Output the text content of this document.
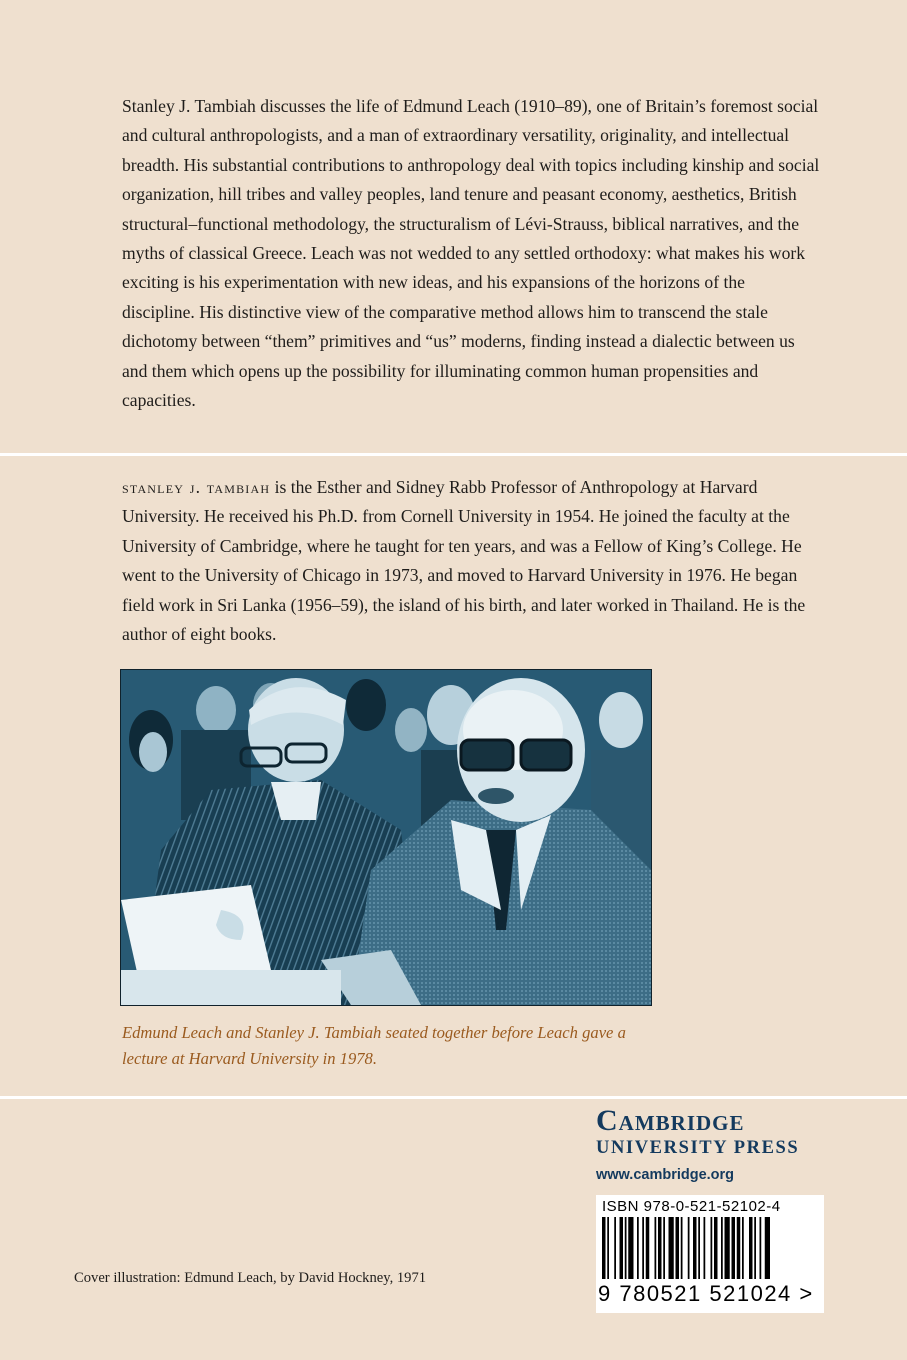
Stanley J. Tambiah discusses the life of Edmund Leach (1910–89), one of Britain’s foremost social and cultural anthropologists, and a man of extraordinary versatility, originality, and intellectual breadth. His substantial contributions to anthropology deal with topics including kinship and social organization, hill tribes and valley peoples, land tenure and peasant economy, aesthetics, British structural–functional methodology, the structuralism of Lévi-Strauss, biblical narratives, and the myths of classical Greece. Leach was not wedded to any settled orthodoxy: what makes his work exciting is his experimentation with new ideas, and his expansions of the horizons of the discipline. His distinctive view of the comparative method allows him to transcend the stale dichotomy between “them” primitives and “us” moderns, finding instead a dialectic between us and them which opens up the possibility for illuminating common human propensities and capacities.

stanley j. tambiah is the Esther and Sidney Rabb Professor of Anthropology at Harvard University. He received his Ph.D. from Cornell University in 1954. He joined the faculty at the University of Cambridge, where he taught for ten years, and was a Fellow of King’s College. He went to the University of Chicago in 1973, and moved to Harvard University in 1976. He began field work in Sri Lanka (1956–59), the island of his birth, and later worked in Thailand. He is the author of eight books.

Edmund Leach and Stanley J. Tambiah seated together before Leach gave a lecture at Harvard University in 1978.

Cambridge
UNIVERSITY PRESS
www.cambridge.org
ISBN 978-0-521-52102-4
9 780521 521024 >

Cover illustration: Edmund Leach, by David Hockney, 1971
